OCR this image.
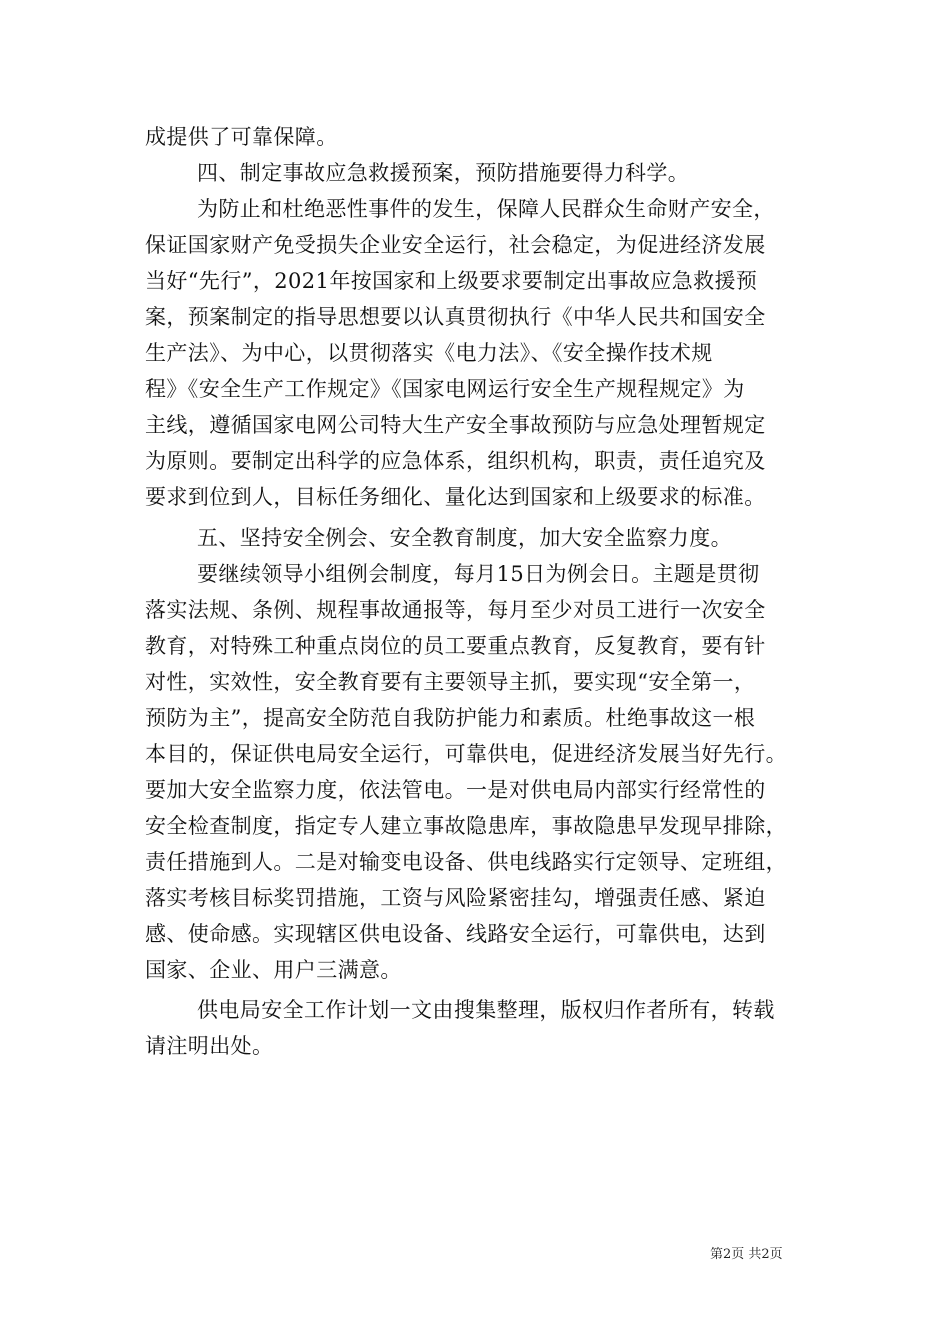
成提供了可靠保障。
四、制定事故应急救援预案，预防措施要得力科学。
为防止和杜绝恶性事件的发生，保障人民群众生命财产安全，
保证国家财产免受损失企业安全运行，社会稳定，为促进经济发展
当好“先行”，2021年按国家和上级要求要制定出事故应急救援预
案，预案制定的指导思想要以认真贯彻执行《中华人民共和国安全
生产法》、为中心，以贯彻落实《电力法》、《安全操作技术规
程》《安全生产工作规定》《国家电网运行安全生产规程规定》为
主线，遵循国家电网公司特大生产安全事故预防与应急处理暂规定
为原则。要制定出科学的应急体系，组织机构，职责，责任追究及
要求到位到人，目标任务细化、量化达到国家和上级要求的标准。
五、坚持安全例会、安全教育制度，加大安全监察力度。
要继续领导小组例会制度，每月15日为例会日。主题是贯彻
落实法规、条例、规程事故通报等，每月至少对员工进行一次安全
教育，对特殊工种重点岗位的员工要重点教育，反复教育，要有针
对性，实效性，安全教育要有主要领导主抓，要实现“安全第一，
预防为主”，提高安全防范自我防护能力和素质。杜绝事故这一根
本目的，保证供电局安全运行，可靠供电，促进经济发展当好先行。
要加大安全监察力度，依法管电。一是对供电局内部实行经常性的
安全检查制度，指定专人建立事故隐患库，事故隐患早发现早排除，
责任措施到人。二是对输变电设备、供电线路实行定领导、定班组，
落实考核目标奖罚措施，工资与风险紧密挂勾，增强责任感、紧迫
感、使命感。实现辖区供电设备、线路安全运行，可靠供电，达到
国家、企业、用户三满意。
供电局安全工作计划一文由搜集整理，版权归作者所有，转载
请注明出处。
第2页 共2页
